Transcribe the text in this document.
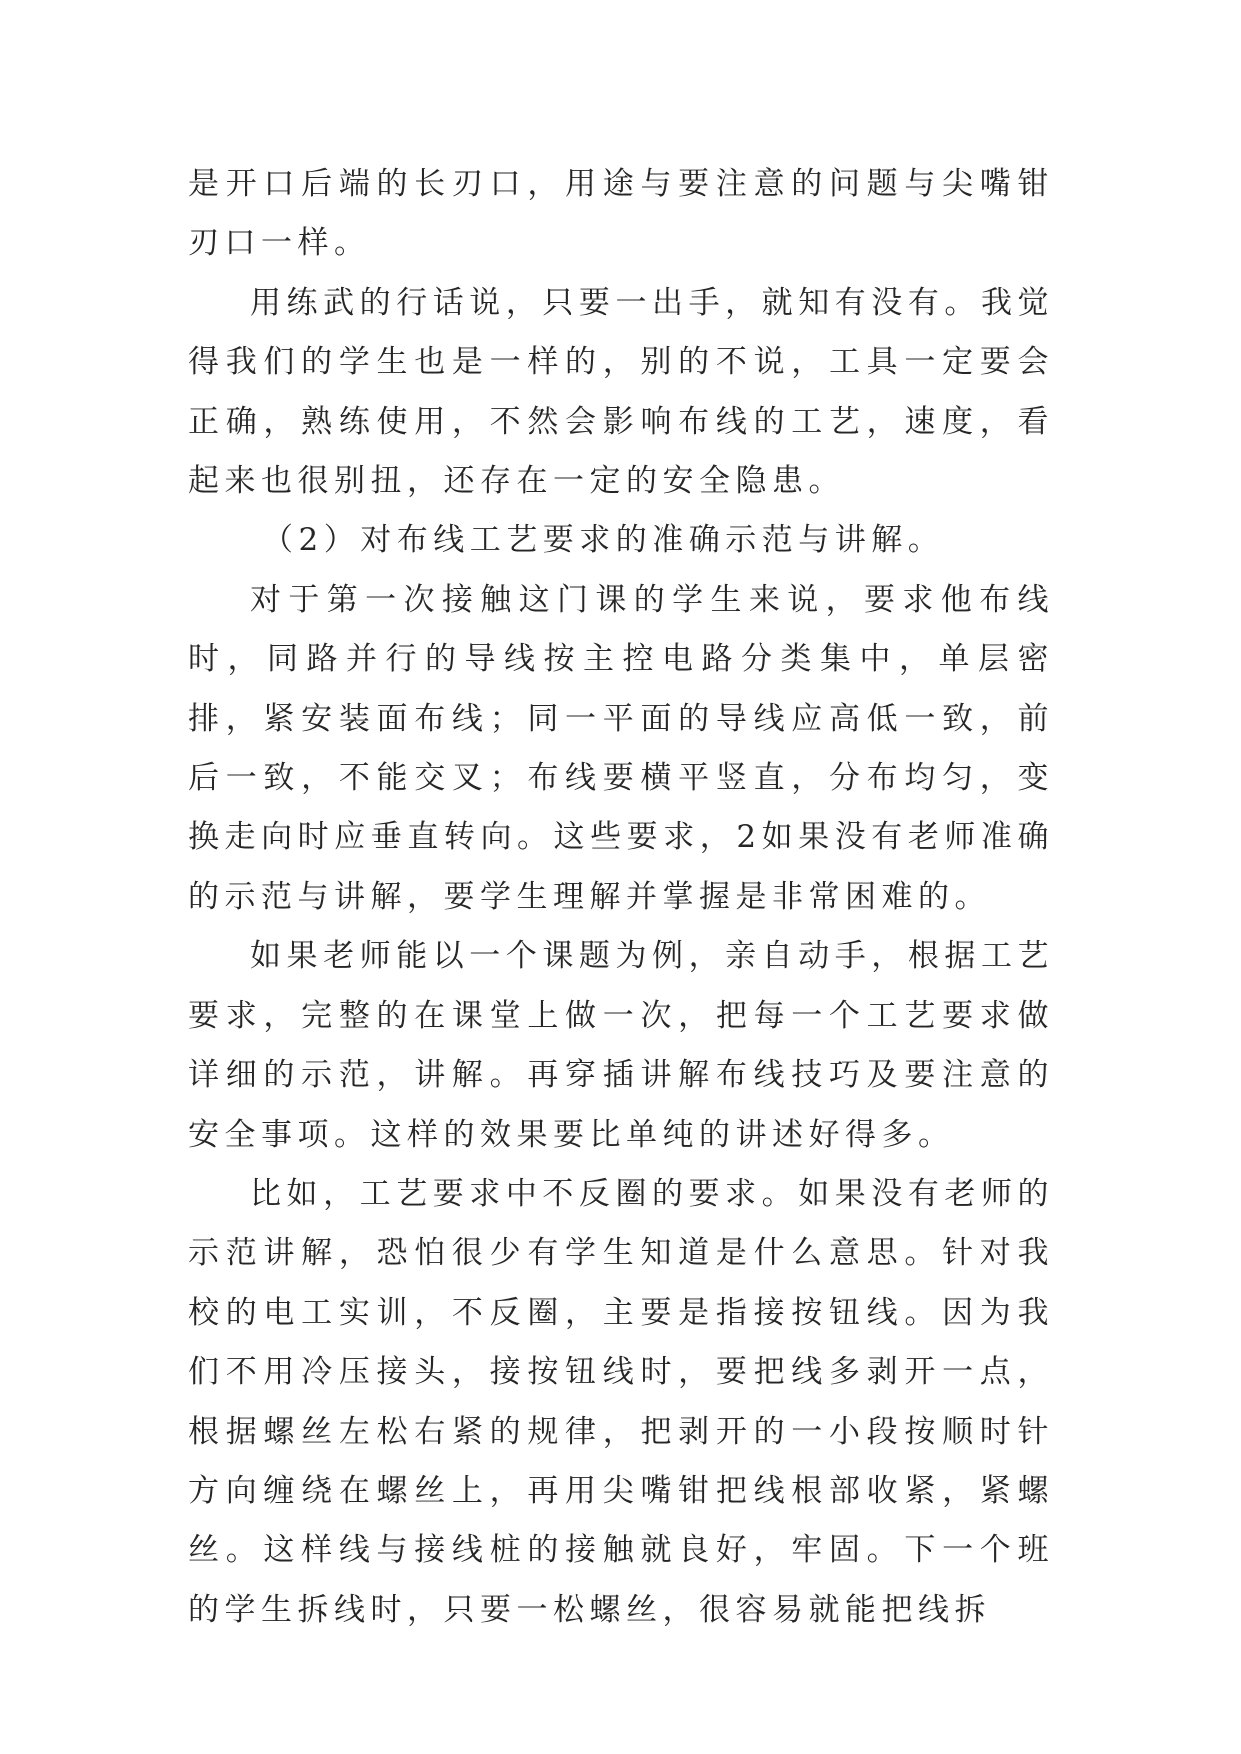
是开口后端的长刃口，用途与要注意的问题与尖嘴钳刃口一样。

用练武的行话说，只要一出手，就知有没有。我觉得我们的学生也是一样的，别的不说，工具一定要会正确，熟练使用，不然会影响布线的工艺，速度，看起来也很别扭，还存在一定的安全隐患。

（2）对布线工艺要求的准确示范与讲解。

对于第一次接触这门课的学生来说，要求他布线时，同路并行的导线按主控电路分类集中，单层密排，紧安装面布线；同一平面的导线应高低一致，前后一致，不能交叉；布线要横平竖直，分布均匀，变换走向时应垂直转向。这些要求，2如果没有老师准确的示范与讲解，要学生理解并掌握是非常困难的。

如果老师能以一个课题为例，亲自动手，根据工艺要求，完整的在课堂上做一次，把每一个工艺要求做详细的示范，讲解。再穿插讲解布线技巧及要注意的安全事项。这样的效果要比单纯的讲述好得多。

比如，工艺要求中不反圈的要求。如果没有老师的示范讲解，恐怕很少有学生知道是什么意思。针对我校的电工实训，不反圈，主要是指接按钮线。因为我们不用冷压接头，接按钮线时，要把线多剥开一点，根据螺丝左松右紧的规律，把剥开的一小段按顺时针方向缠绕在螺丝上，再用尖嘴钳把线根部收紧，紧螺丝。这样线与接线桩的接触就良好，牢固。下一个班的学生拆线时，只要一松螺丝，很容易就能把线拆
